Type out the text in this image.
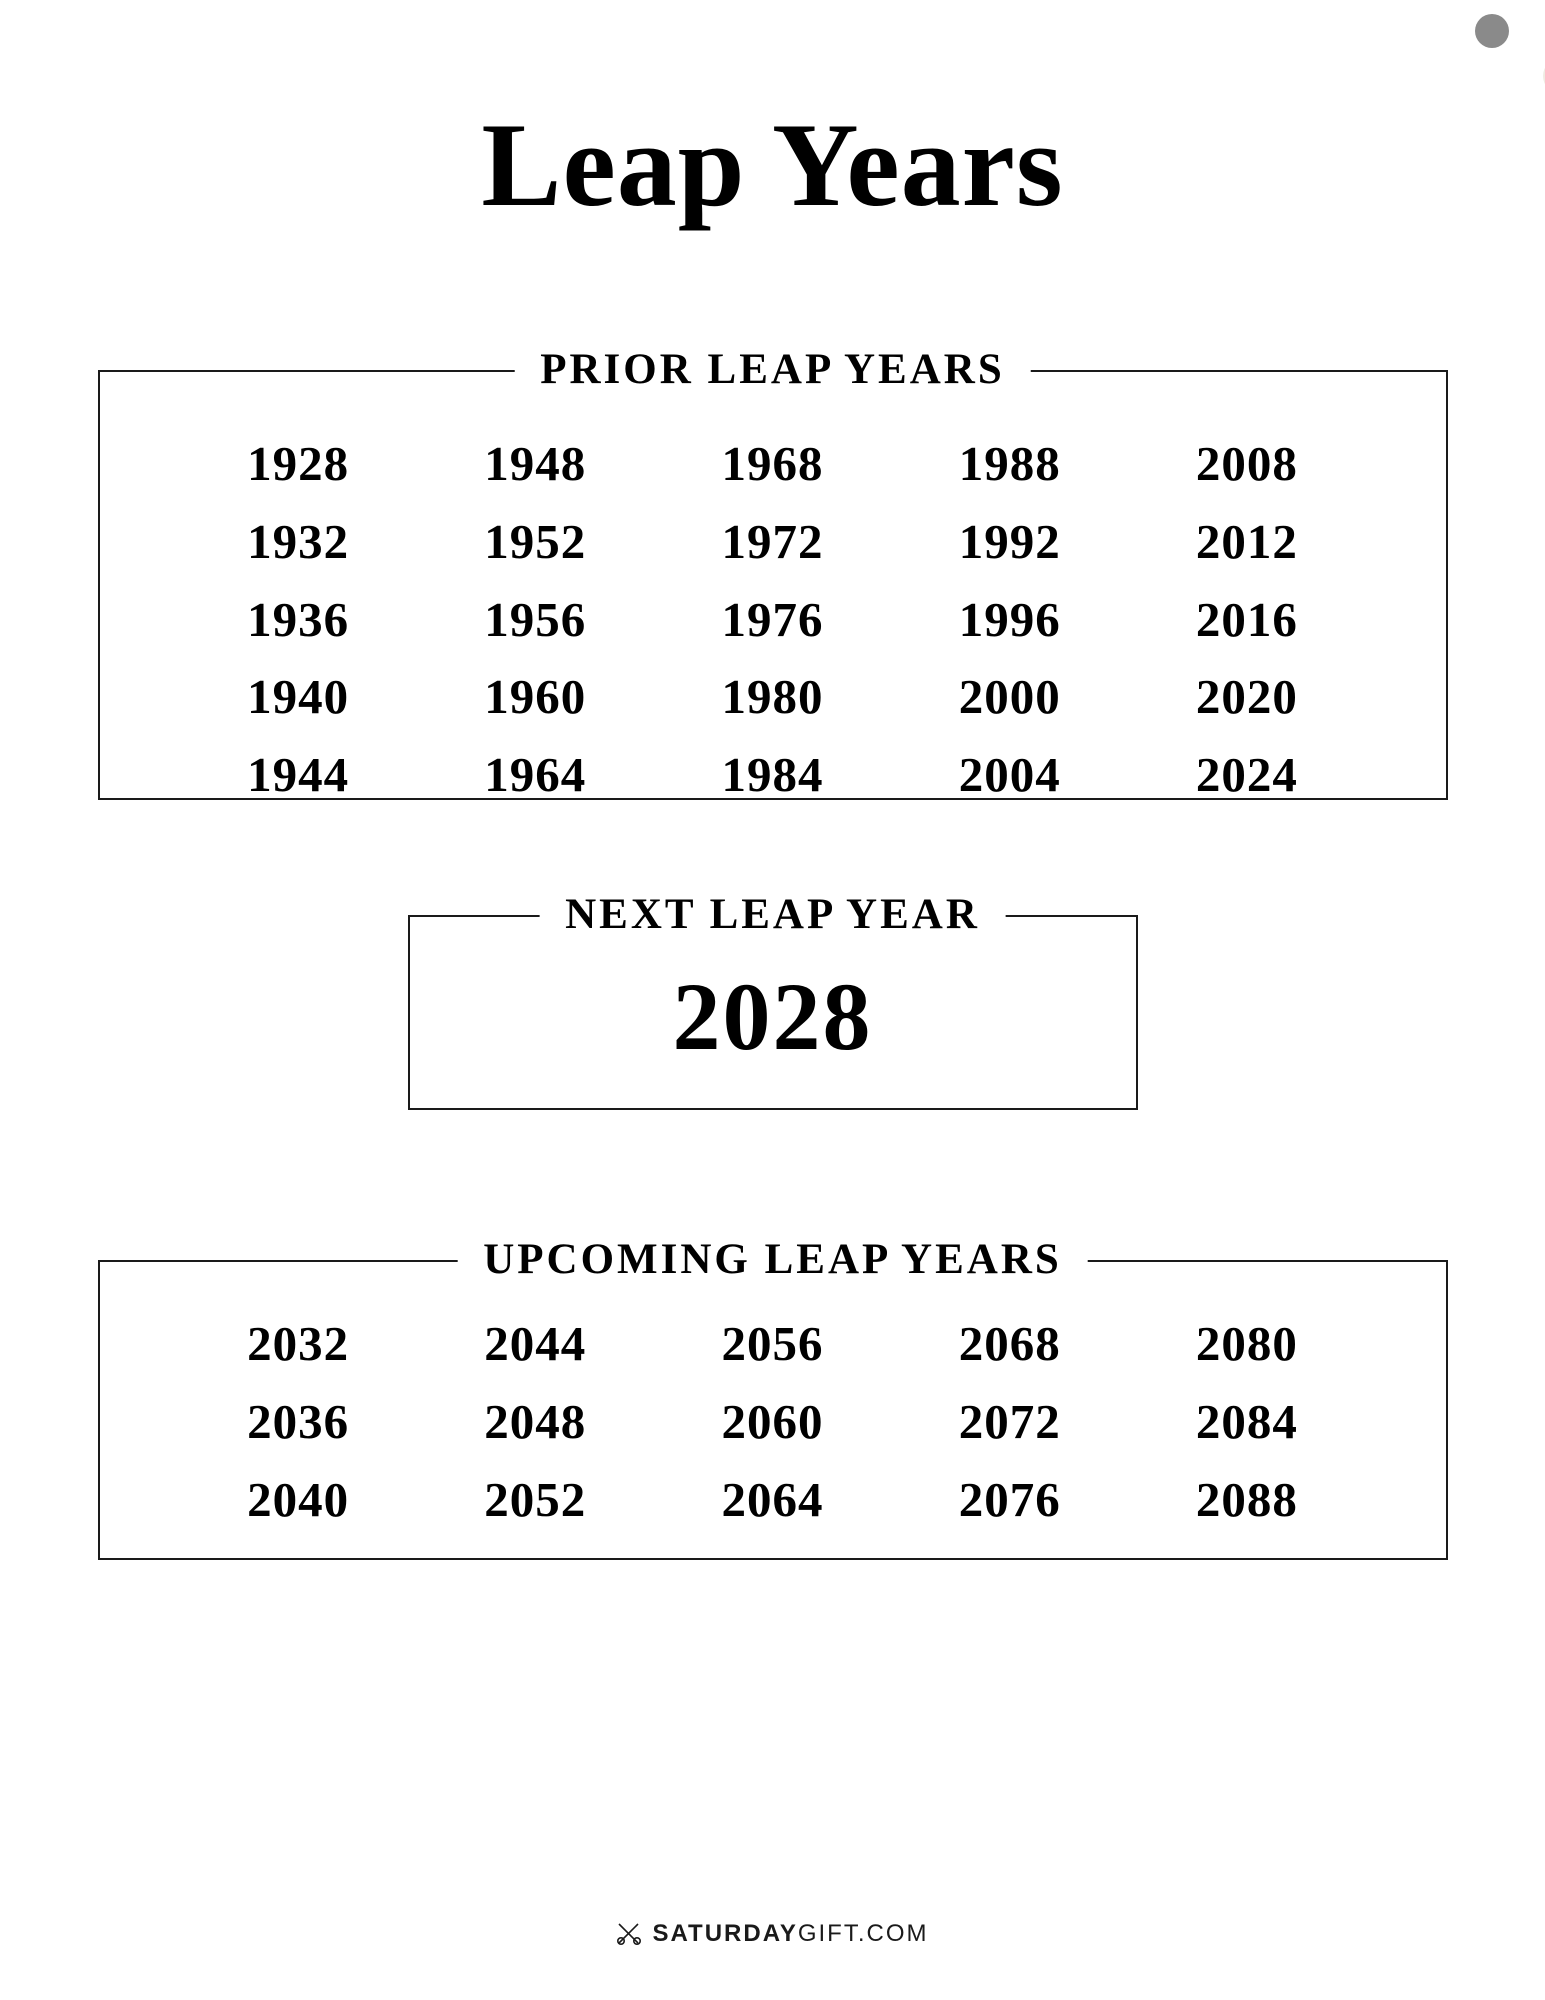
Leap Years
PRIOR LEAP YEARS
1928	1948	1968	1988	2008
1932	1952	1972	1992	2012
1936	1956	1976	1996	2016
1940	1960	1980	2000	2020
1944	1964	1984	2004	2024
NEXT LEAP YEAR
2028
UPCOMING LEAP YEARS
2032	2044	2056	2068	2080
2036	2048	2060	2072	2084
2040	2052	2064	2076	2088
SATURDAYGIFT.COM
